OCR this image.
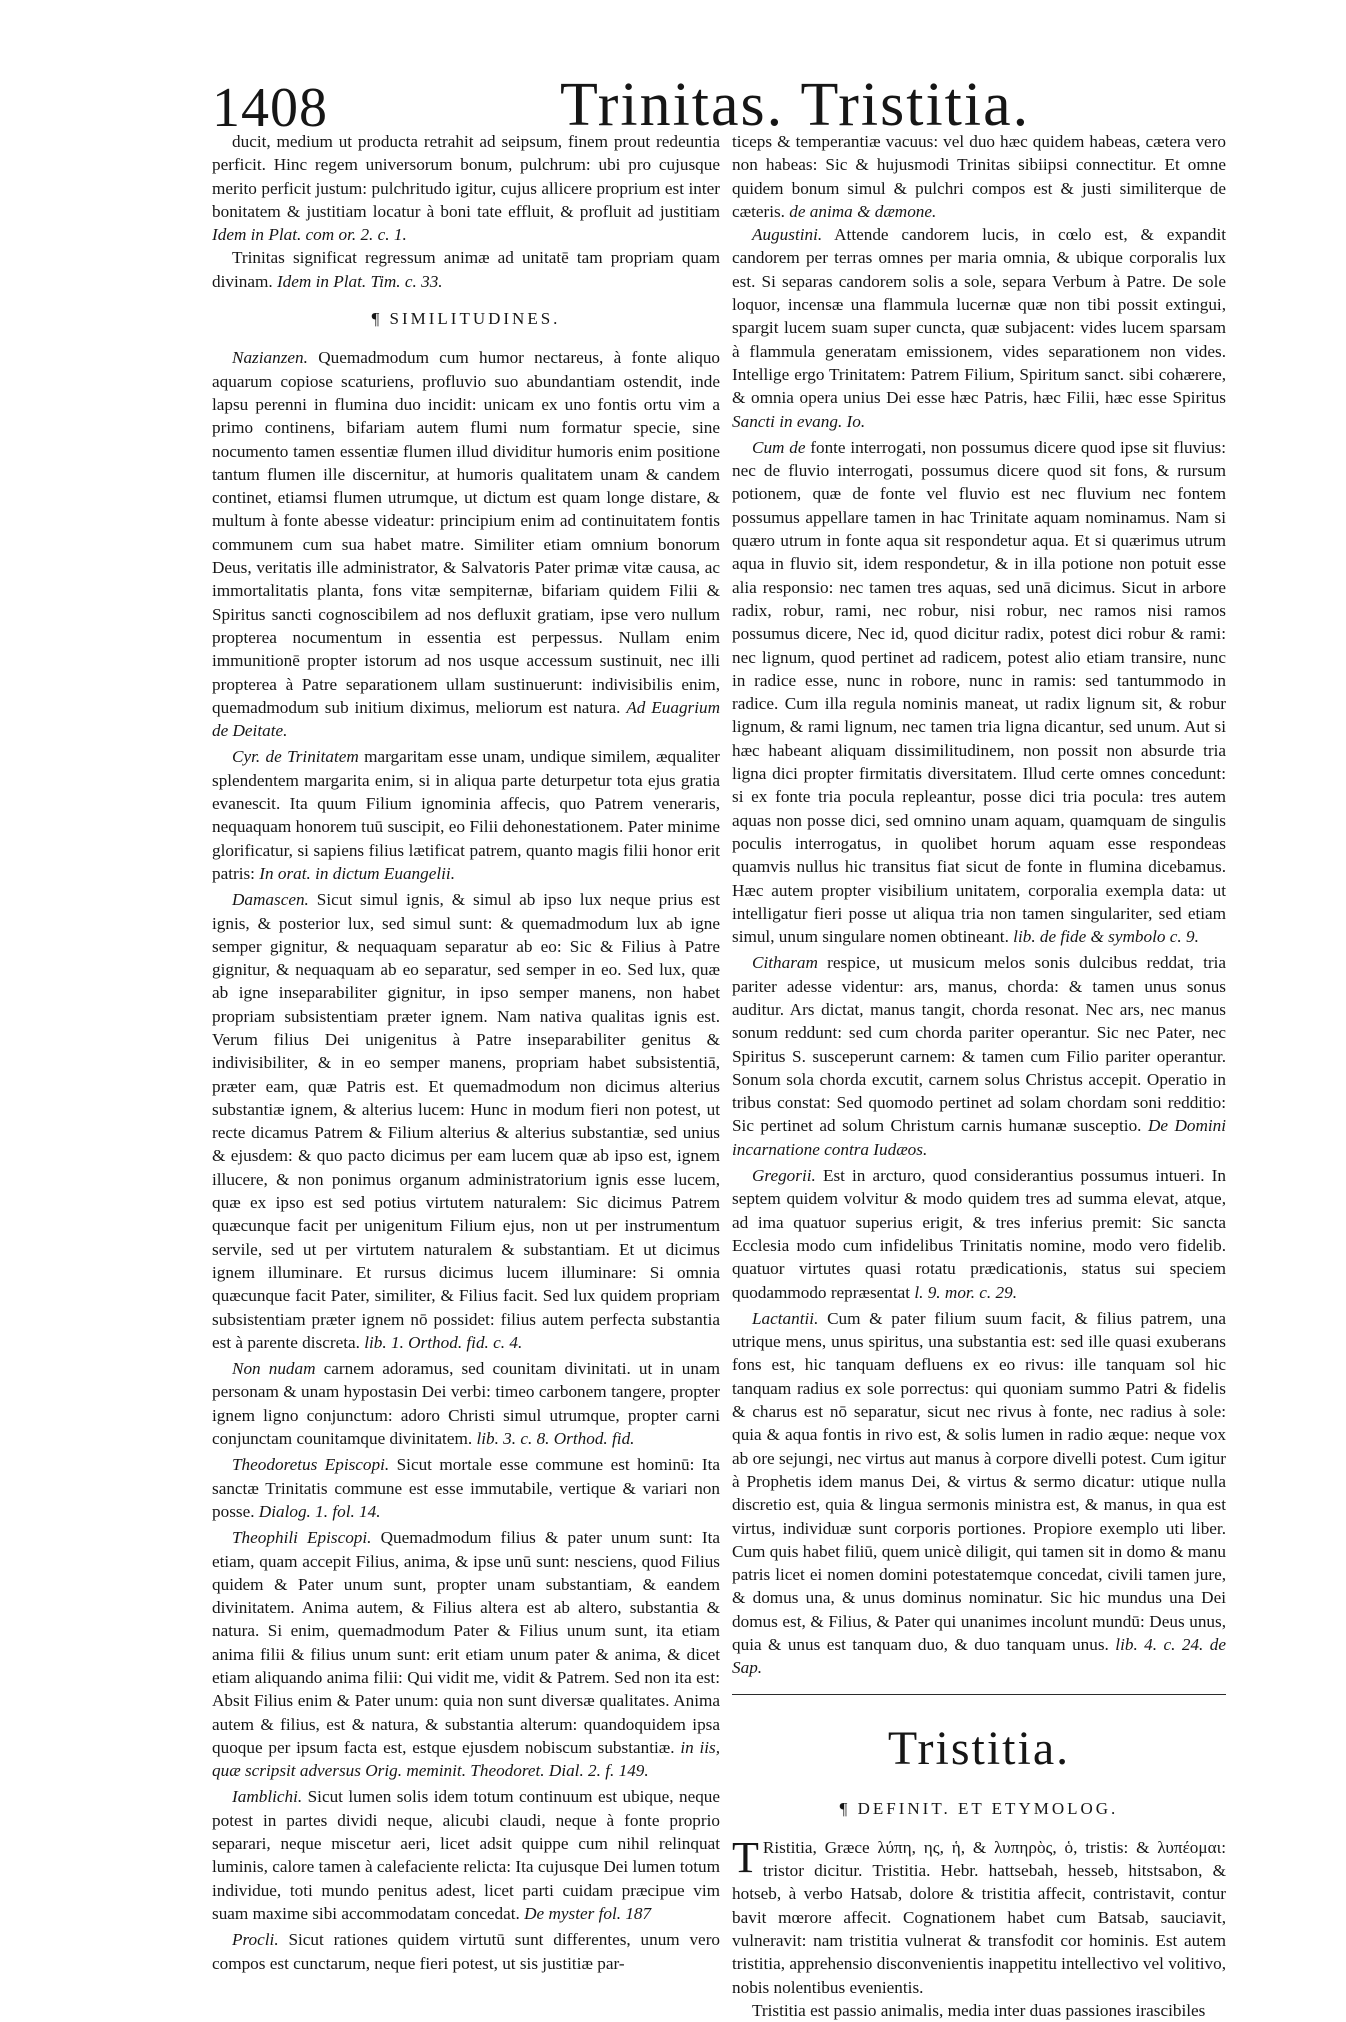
1408	Trinitas. Tristitia.

ducit, medium ut producta retrahit ad seipsum, finem prout redeuntia perficit. Hinc regem universorum bonum, pulchrum: ubi pro cujusque merito perficit justum: pulchritudo igitur, cujus allicere proprium est inter bonitatem & justitiam locatur à boni tate effluit, & profluit ad justitiam Idem in Plat. com or. 2. c. 1.

Trinitas significat regressum animæ ad unitatē tam propriam quam divinam. Idem in Plat. Tim. c. 33.

¶ SIMILITUDINES.

Nazianzen. Quemadmodum cum humor nectareus, à fonte aliquo aquarum copiose scaturiens, profluvio suo abundantiam ostendit, inde lapsu perenni in flumina duo incidit: unicam ex uno fontis ortu vim a primo continens, bifariam autem flumi num formatur specie, sine nocumento tamen essentiæ flumen illud dividitur humoris enim positione tantum flumen ille discernitur, at humoris qualitatem unam & candem continet, etiamsi flumen utrumque, ut dictum est quam longe distare, & multum à fonte abesse videatur: principium enim ad continuitatem fontis communem cum sua habet matre. Similiter etiam omnium bonorum Deus, veritatis ille administrator, & Salvatoris Pater primæ vitæ causa, ac immortalitatis planta, fons vitæ sempiternæ, bifariam quidem Filii & Spiritus sancti cognoscibilem ad nos defluxit gratiam, ipse vero nullum propterea nocumentum in essentia est perpessus. Nullam enim immunitionē propter istorum ad nos usque accessum sustinuit, nec illi propterea à Patre separationem ullam sustinuerunt: indivisibilis enim, quemadmodum sub initium diximus, meliorum est natura. Ad Euagrium de Deitate.

Cyr. de Trinitatem margaritam esse unam, undique similem, æqualiter splendentem margarita enim, si in aliqua parte deturpetur tota ejus gratia evanescit. Ita quum Filium ignominia affecis, quo Patrem veneraris, nequaquam honorem tuū suscipit, eo Filii dehonestationem. Pater minime glorificatur, si sapiens filius lætificat patrem, quanto magis filii honor erit patris: In orat. in dictum Euangelii.

Damascen. Sicut simul ignis, & simul ab ipso lux neque prius est ignis, & posterior lux, sed simul sunt: & quemadmodum lux ab igne semper gignitur, & nequaquam separatur ab eo: Sic & Filius à Patre gignitur, & nequaquam ab eo separatur, sed semper in eo. Sed lux, quæ ab igne inseparabiliter gignitur, in ipso semper manens, non habet propriam subsistentiam præter ignem. Nam nativa qualitas ignis est. Verum filius Dei unigenitus à Patre inseparabiliter genitus & indivisibiliter, & in eo semper manens, propriam habet subsistentiā, præter eam, quæ Patris est. Et quemadmodum non dicimus alterius substantiæ ignem, & alterius lucem: Hunc in modum fieri non potest, ut recte dicamus Patrem & Filium alterius & alterius substantiæ, sed unius & ejusdem: & quo pacto dicimus per eam lucem quæ ab ipso est, ignem illucere, & non ponimus organum administratorium ignis esse lucem, quæ ex ipso est sed potius virtutem naturalem: Sic dicimus Patrem quæcunque facit per unigenitum Filium ejus, non ut per instrumentum servile, sed ut per virtutem naturalem & substantiam. Et ut dicimus ignem illuminare. Et rursus dicimus lucem illuminare: Si omnia quæcunque facit Pater, similiter, & Filius facit. Sed lux quidem propriam subsistentiam præter ignem nō possidet: filius autem perfecta substantia est à parente discreta. lib. 1. Orthod. fid. c. 4.

Non nudam carnem adoramus, sed counitam divinitati. ut in unam personam & unam hypostasin Dei verbi: timeo carbonem tangere, propter ignem ligno conjunctum: adoro Christi simul utrumque, propter carni conjunctam counitamque divinitatem. lib. 3. c. 8. Orthod. fid.

Theodoretus Episcopi. Sicut mortale esse commune est hominū: Ita sanctæ Trinitatis commune est esse immutabile, vertique & variari non posse. Dialog. 1. fol. 14.

Theophili Episcopi. Quemadmodum filius & pater unum sunt: Ita etiam, quam accepit Filius, anima, & ipse unū sunt: nesciens, quod Filius quidem & Pater unum sunt, propter unam substantiam, & eandem divinitatem. Anima autem, & Filius altera est ab altero, substantia & natura. Si enim, quemadmodum Pater & Filius unum sunt, ita etiam anima filii & filius unum sunt: erit etiam unum pater & anima, & dicet etiam aliquando anima filii: Qui vidit me, vidit & Patrem. Sed non ita est: Absit Filius enim & Pater unum: quia non sunt diversæ qualitates. Anima autem & filius, est & natura, & substantia alterum: quandoquidem ipsa quoque per ipsum facta est, estque ejusdem nobiscum substantiæ. in iis, quæ scripsit adversus Orig. meminit. Theodoret. Dial. 2. f. 149.

Iamblichi. Sicut lumen solis idem totum continuum est ubique, neque potest in partes dividi neque, alicubi claudi, neque à fonte proprio separari, neque miscetur aeri, licet adsit quippe cum nihil relinquat luminis, calore tamen à calefaciente relicta: Ita cujusque Dei lumen totum individue, toti mundo penitus adest, licet parti cuidam præcipue vim suam maxime sibi accommodatam concedat. De myster fol. 187

Procli. Sicut rationes quidem virtutū sunt differentes, unum vero compos est cunctarum, neque fieri potest, ut sis justitiæ par-

ticeps & temperantiæ vacuus: vel duo hæc quidem habeas, cætera vero non habeas: Sic & hujusmodi Trinitas sibiipsi connectitur. Et omne quidem bonum simul & pulchri compos est & justi similiterque de cæteris. de anima & dæmone.

Augustini. Attende candorem lucis, in cœlo est, & expandit candorem per terras omnes per maria omnia, & ubique corporalis lux est. Si separas candorem solis a sole, separa Verbum à Patre. De sole loquor, incensæ una flammula lucernæ quæ non tibi possit extingui, spargit lucem suam super cuncta, quæ subjacent: vides lucem sparsam à flammula generatam emissionem, vides separationem non vides. Intellige ergo Trinitatem: Patrem Filium, Spiritum sanct. sibi cohærere, & omnia opera unius Dei esse hæc Patris, hæc Filii, hæc esse Spiritus Sancti in evang. Io.

Cum de fonte interrogati, non possumus dicere quod ipse sit fluvius: nec de fluvio interrogati, possumus dicere quod sit fons, & rursum potionem, quæ de fonte vel fluvio est nec fluvium nec fontem possumus appellare tamen in hac Trinitate aquam nominamus. Nam si quæro utrum in fonte aqua sit respondetur aqua. Et si quærimus utrum aqua in fluvio sit, idem respondetur, & in illa potione non potuit esse alia responsio: nec tamen tres aquas, sed unā dicimus. Sicut in arbore radix, robur, rami, nec robur, nisi robur, nec ramos nisi ramos possumus dicere, Nec id, quod dicitur radix, potest dici robur & rami: nec lignum, quod pertinet ad radicem, potest alio etiam transire, nunc in radice esse, nunc in robore, nunc in ramis: sed tantummodo in radice. Cum illa regula nominis maneat, ut radix lignum sit, & robur lignum, & rami lignum, nec tamen tria ligna dicantur, sed unum. Aut si hæc habeant aliquam dissimilitudinem, non possit non absurde tria ligna dici propter firmitatis diversitatem. Illud certe omnes concedunt: si ex fonte tria pocula repleantur, posse dici tria pocula: tres autem aquas non posse dici, sed omnino unam aquam, quamquam de singulis poculis interrogatus, in quolibet horum aquam esse respondeas quamvis nullus hic transitus fiat sicut de fonte in flumina dicebamus. Hæc autem propter visibilium unitatem, corporalia exempla data: ut intelligatur fieri posse ut aliqua tria non tamen singulariter, sed etiam simul, unum singulare nomen obtineant. lib. de fide & symbolo c. 9.

Citharam respice, ut musicum melos sonis dulcibus reddat, tria pariter adesse videntur: ars, manus, chorda: & tamen unus sonus auditur. Ars dictat, manus tangit, chorda resonat. Nec ars, nec manus sonum reddunt: sed cum chorda pariter operantur. Sic nec Pater, nec Spiritus S. susceperunt carnem: & tamen cum Filio pariter operantur. Sonum sola chorda excutit, carnem solus Christus accepit. Operatio in tribus constat: Sed quomodo pertinet ad solam chordam soni redditio: Sic pertinet ad solum Christum carnis humanæ susceptio. De Domini incarnatione contra Iudæos.

Gregorii. Est in arcturo, quod considerantius possumus intueri. In septem quidem volvitur & modo quidem tres ad summa elevat, atque, ad ima quatuor superius erigit, & tres inferius premit: Sic sancta Ecclesia modo cum infidelibus Trinitatis nomine, modo vero fidelib. quatuor virtutes quasi rotatu prædicationis, status sui speciem quodammodo repræsentat l. 9. mor. c. 29.

Lactantii. Cum & pater filium suum facit, & filius patrem, una utrique mens, unus spiritus, una substantia est: sed ille quasi exuberans fons est, hic tanquam defluens ex eo rivus: ille tanquam sol hic tanquam radius ex sole porrectus: qui quoniam summo Patri & fidelis & charus est nō separatur, sicut nec rivus à fonte, nec radius à sole: quia & aqua fontis in rivo est, & solis lumen in radio æque: neque vox ab ore sejungi, nec virtus aut manus à corpore divelli potest. Cum igitur à Prophetis idem manus Dei, & virtus & sermo dicatur: utique nulla discretio est, quia & lingua sermonis ministra est, & manus, in qua est virtus, individuæ sunt corporis portiones. Propiore exemplo uti liber. Cum quis habet filiū, quem unicè diligit, qui tamen sit in domo & manu patris licet ei nomen domini potestatemque concedat, civili tamen jure, & domus una, & unus dominus nominatur. Sic hic mundus una Dei domus est, & Filius, & Pater qui unanimes incolunt mundū: Deus unus, quia & unus est tanquam duo, & duo tanquam unus. lib. 4. c. 24. de Sap.

Tristitia.

¶ DEFINIT. ET ETYMOLOG.

T Ristitia, Græce λύπη, ης, ἡ, & λυπηρὸς, ὁ, tristis: & λυπέομαι: tristor dicitur. Tristitia. Hebr. hattsebah, hesseb, hitstsabon, & hotseb, à verbo Hatsab, dolore & tristitia affecit, contristavit, contur bavit mœrore affecit. Cognationem habet cum Batsab, sauciavit, vulneravit: nam tristitia vulnerat & transfodit cor hominis. Est autem tristitia, apprehensio disconvenientis inappetitu intellectivo vel volitivo, nobis nolentibus evenientis.

Tristitia est passio animalis, media inter duas passiones irascibiles
